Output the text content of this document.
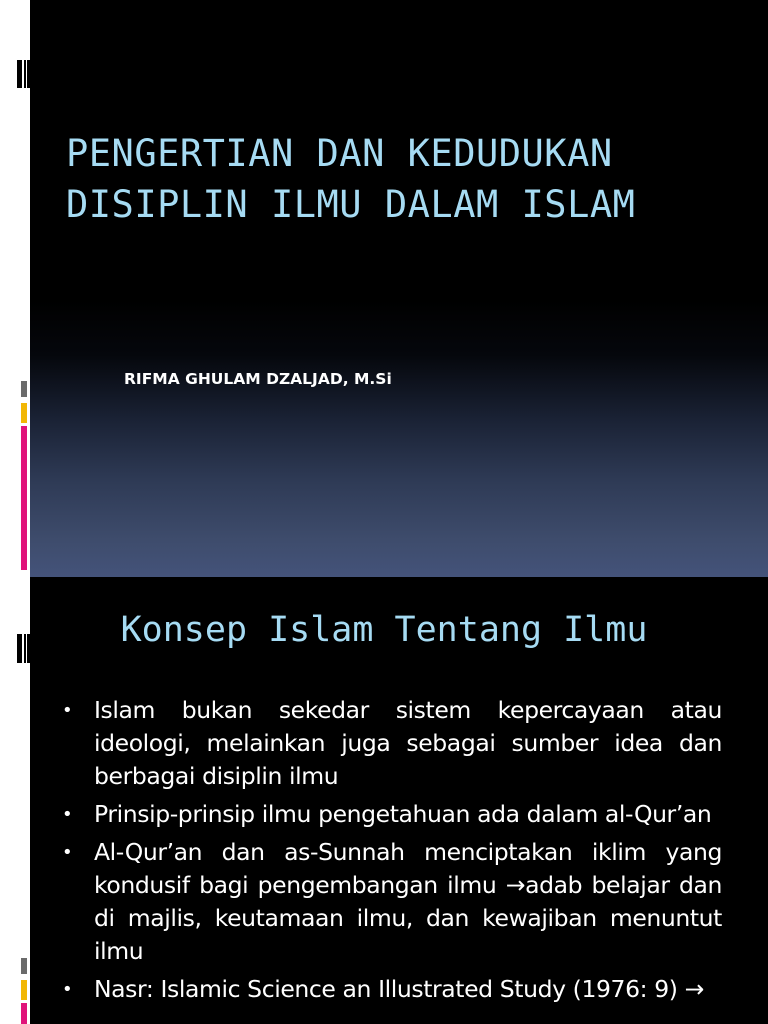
PENGERTIAN DAN KEDUDUKAN
DISIPLIN ILMU DALAM ISLAM
RIFMA GHULAM DZALJAD, M.Si
Konsep Islam Tentang Ilmu
• Islam bukan sekedar sistem kepercayaan atau ideologi, melainkan juga sebagai sumber idea dan berbagai disiplin ilmu
• Prinsip-prinsip ilmu pengetahuan ada dalam al-Qur’an
• Al-Qur’an dan as-Sunnah menciptakan iklim yang kondusif bagi pengembangan ilmu →adab belajar dan di majlis, keutamaan ilmu, dan kewajiban menuntut ilmu
• Nasr: Islamic Science an Illustrated Study (1976: 9) →
